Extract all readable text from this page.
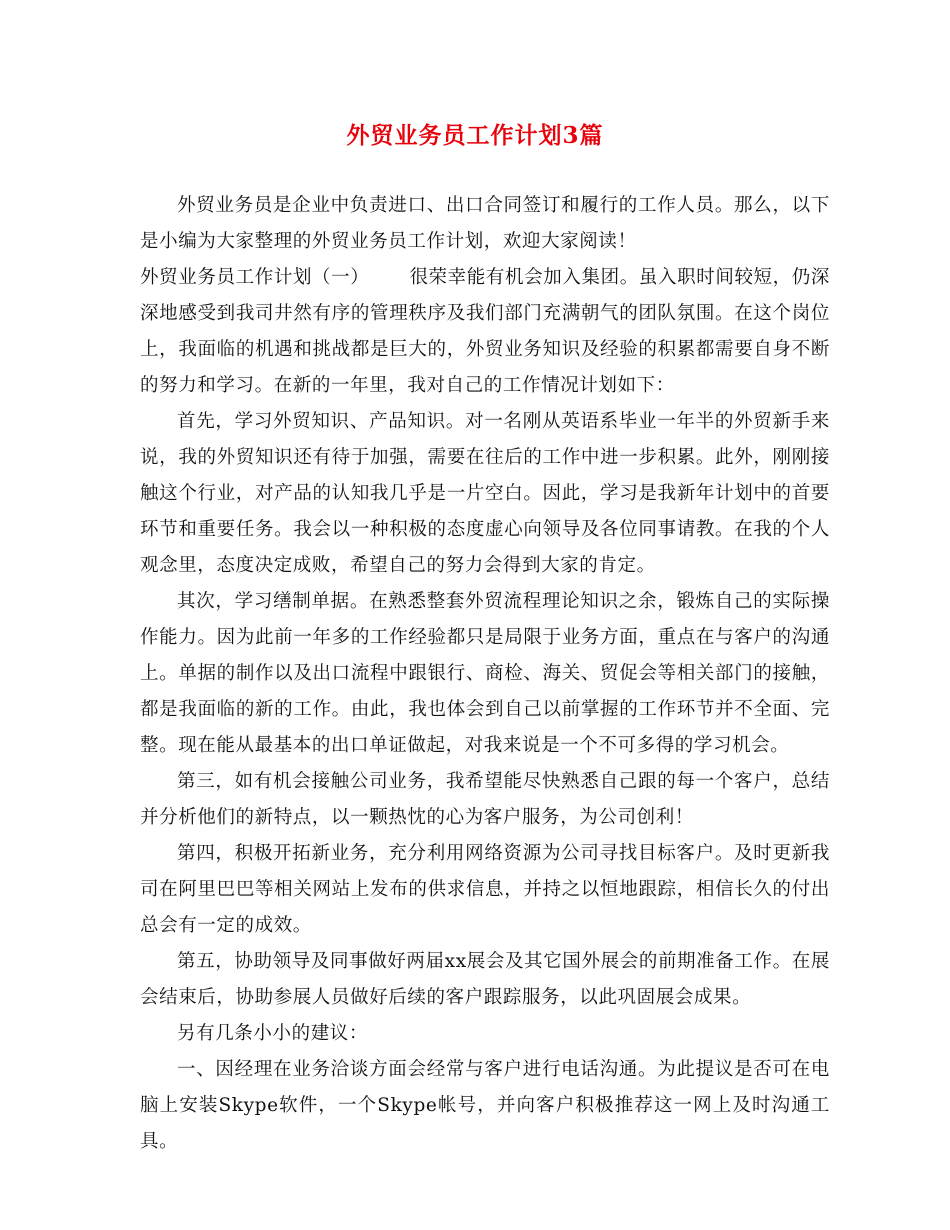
外贸业务员工作计划3篇

外贸业务员是企业中负责进口、出口合同签订和履行的工作人员。那么，以下是小编为大家整理的外贸业务员工作计划，欢迎大家阅读！

外贸业务员工作计划（一） 很荣幸能有机会加入集团。虽入职时间较短，仍深深地感受到我司井然有序的管理秩序及我们部门充满朝气的团队氛围。在这个岗位上，我面临的机遇和挑战都是巨大的，外贸业务知识及经验的积累都需要自身不断的努力和学习。在新的一年里，我对自己的工作情况计划如下：

首先，学习外贸知识、产品知识。对一名刚从英语系毕业一年半的外贸新手来说，我的外贸知识还有待于加强，需要在往后的工作中进一步积累。此外，刚刚接触这个行业，对产品的认知我几乎是一片空白。因此，学习是我新年计划中的首要环节和重要任务。我会以一种积极的态度虚心向领导及各位同事请教。在我的个人观念里，态度决定成败，希望自己的努力会得到大家的肯定。

其次，学习缮制单据。在熟悉整套外贸流程理论知识之余，锻炼自己的实际操作能力。因为此前一年多的工作经验都只是局限于业务方面，重点在与客户的沟通上。单据的制作以及出口流程中跟银行、商检、海关、贸促会等相关部门的接触，都是我面临的新的工作。由此，我也体会到自己以前掌握的工作环节并不全面、完整。现在能从最基本的出口单证做起，对我来说是一个不可多得的学习机会。

第三，如有机会接触公司业务，我希望能尽快熟悉自己跟的每一个客户，总结并分析他们的新特点，以一颗热忱的心为客户服务，为公司创利！

第四，积极开拓新业务，充分利用网络资源为公司寻找目标客户。及时更新我司在阿里巴巴等相关网站上发布的供求信息，并持之以恒地跟踪，相信长久的付出总会有一定的成效。

第五，协助领导及同事做好两届xx展会及其它国外展会的前期准备工作。在展会结束后，协助参展人员做好后续的客户跟踪服务，以此巩固展会成果。

另有几条小小的建议：

一、因经理在业务洽谈方面会经常与客户进行电话沟通。为此提议是否可在电脑上安装Skype软件，一个Skype帐号，并向客户积极推荐这一网上及时沟通工具。
